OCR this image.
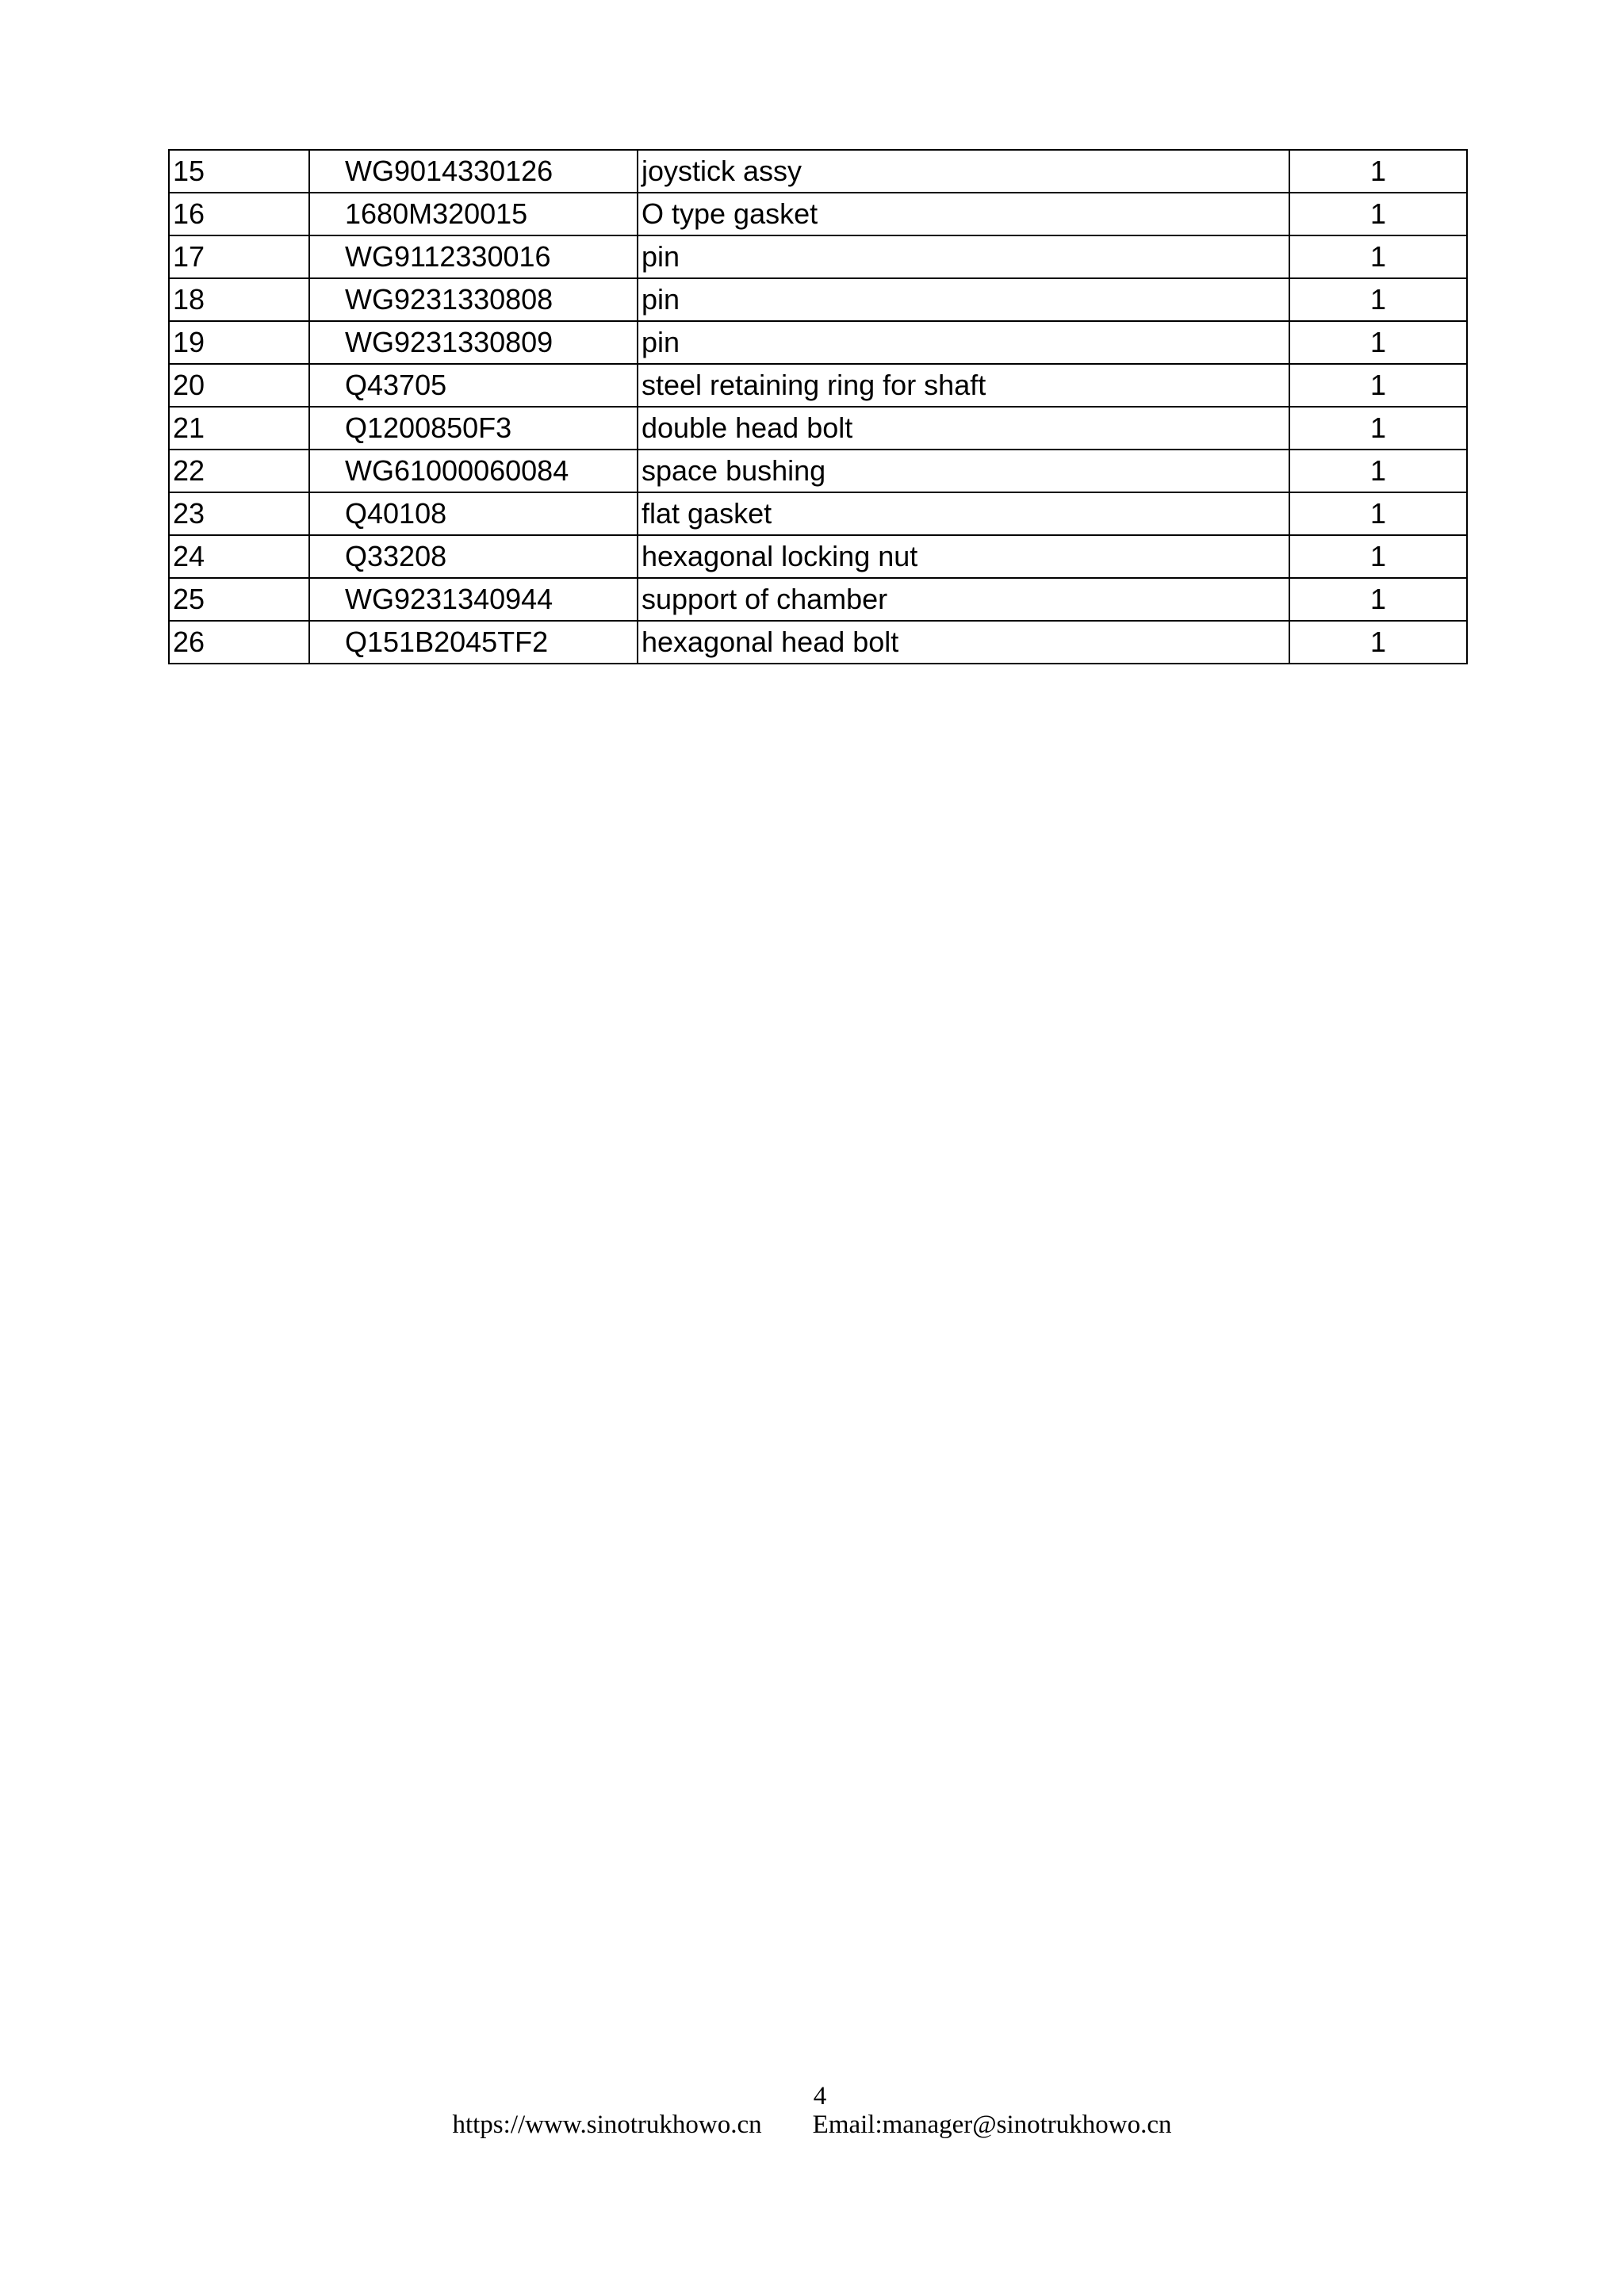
15	WG9014330126	joystick assy	1
16	1680M320015	O type gasket	1
17	WG9112330016	pin	1
18	WG9231330808	pin	1
19	WG9231330809	pin	1
20	Q43705	steel retaining ring for shaft	1
21	Q1200850F3	double head bolt	1
22	WG61000060084	space bushing	1
23	Q40108	flat gasket	1
24	Q33208	hexagonal locking nut	1
25	WG9231340944	support of chamber	1
26	Q151B2045TF2	hexagonal head bolt	1
4
https://www.sinotrukhowo.cn Email:manager@sinotrukhowo.cn
